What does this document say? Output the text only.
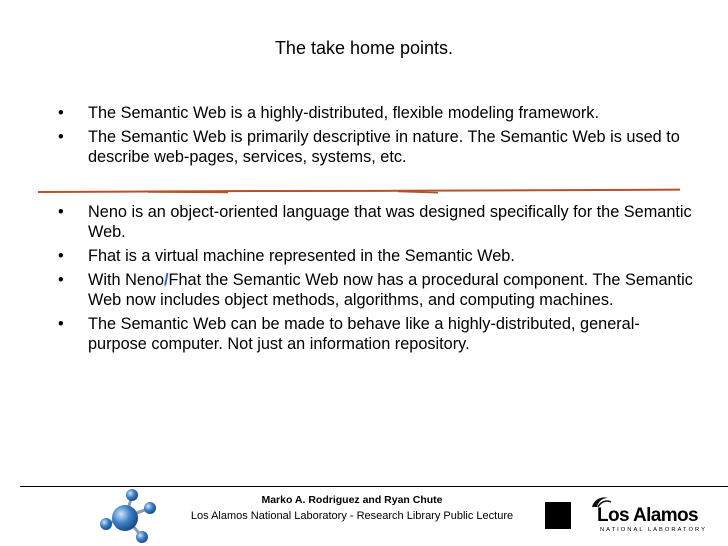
The take home points.
• The Semantic Web is a highly-distributed, flexible modeling framework.
• The Semantic Web is primarily descriptive in nature. The Semantic Web is used to describe web-pages, services, systems, etc.
• Neno is an object-oriented language that was designed specifically for the Semantic Web.
• Fhat is a virtual machine represented in the Semantic Web.
• With Neno/Fhat the Semantic Web now has a procedural component. The Semantic Web now includes object methods, algorithms, and computing machines.
• The Semantic Web can be made to behave like a highly-distributed, general-purpose computer. Not just an information repository.
Marko A. Rodriguez and Ryan Chute
Los Alamos National Laboratory - Research Library Public Lecture	Los Alamos
NATIONAL LABORATORY
